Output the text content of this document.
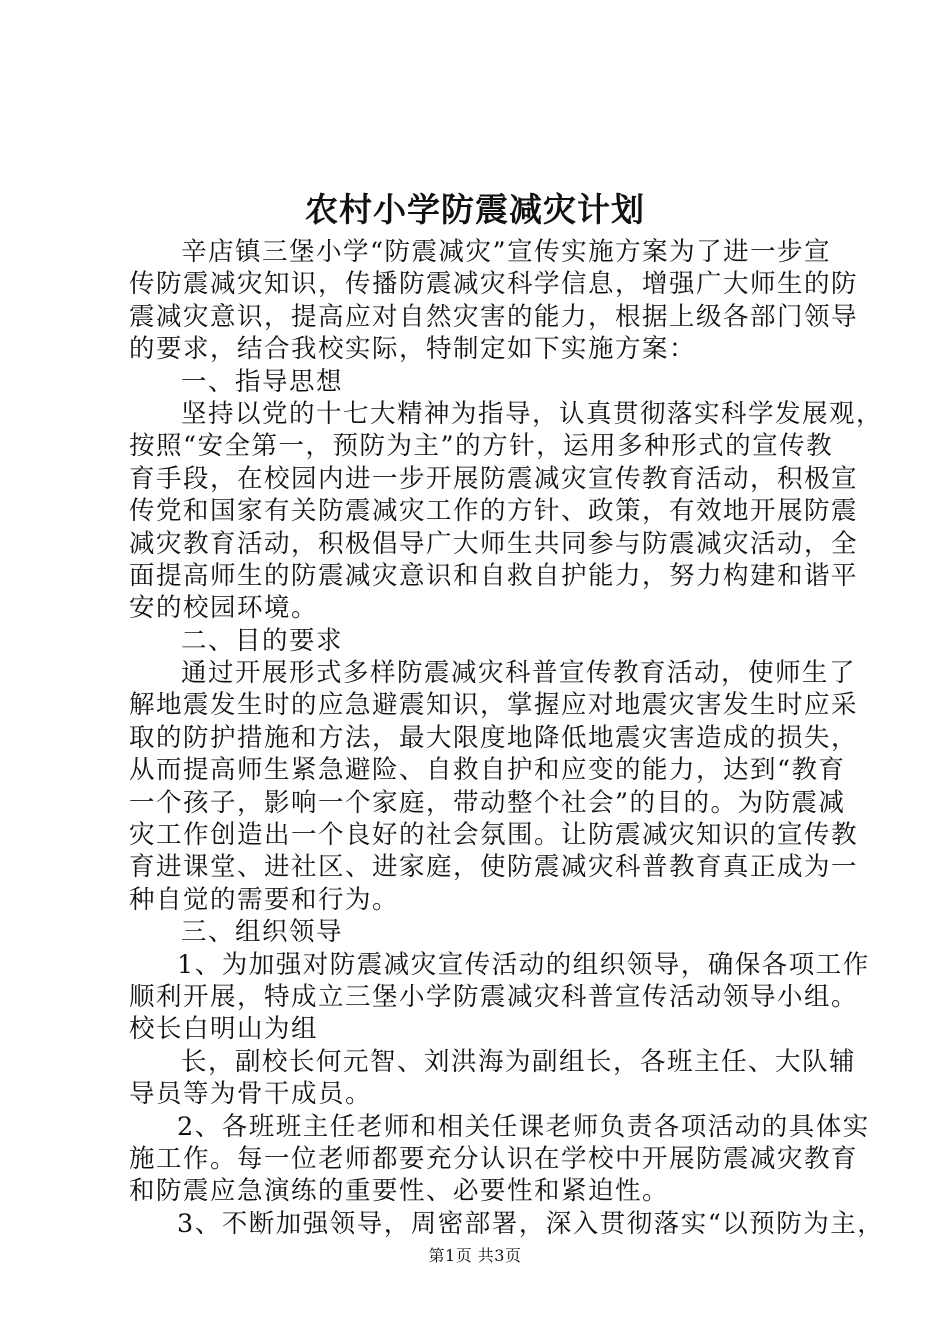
农村小学防震减灾计划
辛店镇三堡小学“防震减灾”宣传实施方案为了进一步宣
传防震减灾知识，传播防震减灾科学信息，增强广大师生的防
震减灾意识，提高应对自然灾害的能力，根据上级各部门领导
的要求，结合我校实际，特制定如下实施方案：
一、指导思想
坚持以党的十七大精神为指导，认真贯彻落实科学发展观，
按照“安全第一，预防为主”的方针，运用多种形式的宣传教
育手段，在校园内进一步开展防震减灾宣传教育活动，积极宣
传党和国家有关防震减灾工作的方针、政策，有效地开展防震
减灾教育活动，积极倡导广大师生共同参与防震减灾活动，全
面提高师生的防震减灾意识和自救自护能力，努力构建和谐平
安的校园环境。
二、目的要求
通过开展形式多样防震减灾科普宣传教育活动，使师生了
解地震发生时的应急避震知识，掌握应对地震灾害发生时应采
取的防护措施和方法，最大限度地降低地震灾害造成的损失，
从而提高师生紧急避险、自救自护和应变的能力，达到“教育
一个孩子，影响一个家庭，带动整个社会”的目的。为防震减
灾工作创造出一个良好的社会氛围。让防震减灾知识的宣传教
育进课堂、进社区、进家庭，使防震减灾科普教育真正成为一
种自觉的需要和行为。
三、组织领导
1、为加强对防震减灾宣传活动的组织领导，确保各项工作
顺利开展，特成立三堡小学防震减灾科普宣传活动领导小组。
校长白明山为组
长，副校长何元智、刘洪海为副组长，各班主任、大队辅
导员等为骨干成员。
2、各班班主任老师和相关任课老师负责各项活动的具体实
施工作。每一位老师都要充分认识在学校中开展防震减灾教育
和防震应急演练的重要性、必要性和紧迫性。
3、不断加强领导，周密部署，深入贯彻落实“以预防为主，
第1页 共3页
